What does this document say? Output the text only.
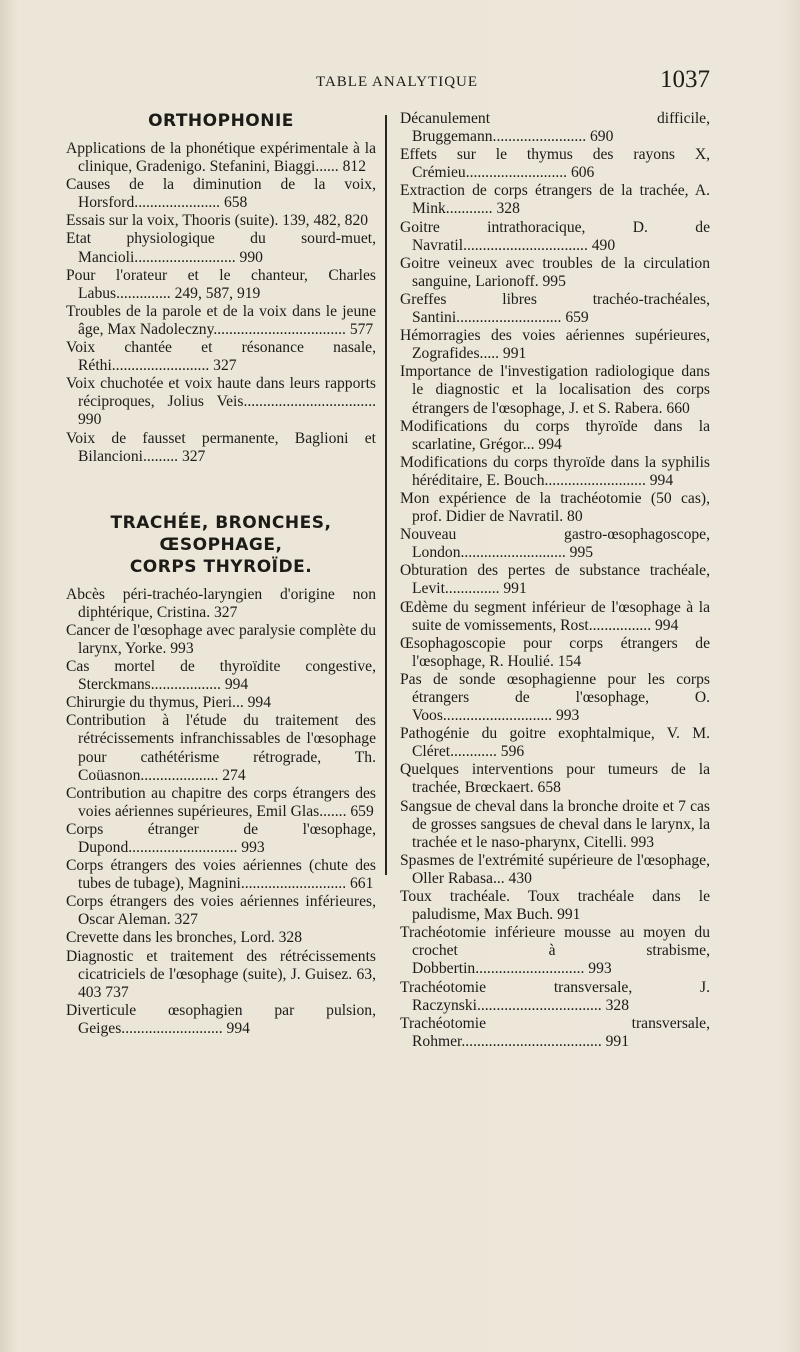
TABLE ANALYTIQUE	1037
ORTHOPHONIE
Applications de la phonétique expérimentale à la clinique, Gradenigo. Stefanini, Biaggi...... 812
Causes de la diminution de la voix, Horsford...................... 658
Essais sur la voix, Thooris (suite). 139, 482, 820
Etat physiologique du sourd-muet, Mancioli.......................... 990
Pour l'orateur et le chanteur, Charles Labus.............. 249, 587, 919
Troubles de la parole et de la voix dans le jeune âge, Max Nadoleczny.................................. 577
Voix chantée et résonance nasale, Réthi......................... 327
Voix chuchotée et voix haute dans leurs rapports réciproques, Jolius Veis.................................. 990
Voix de fausset permanente, Baglioni et Bilancioni......... 327
TRACHÉE, BRONCHES,
ŒSOPHAGE,
CORPS THYROÏDE.
Abcès péri-trachéo-laryngien d'origine non diphtérique, Cristina. 327
Cancer de l'œsophage avec paralysie complète du larynx, Yorke. 993
Cas mortel de thyroïdite congestive, Sterckmans.................. 994
Chirurgie du thymus, Pieri... 994
Contribution à l'étude du traitement des rétrécissements infranchissables de l'œsophage pour cathétérisme rétrograde, Th. Coüasnon.................... 274
Contribution au chapitre des corps étrangers des voies aériennes supérieures, Emil Glas....... 659
Corps étranger de l'œsophage, Dupond............................ 993
Corps étrangers des voies aériennes (chute des tubes de tubage), Magnini........................... 661
Corps étrangers des voies aériennes inférieures, Oscar Aleman. 327
Crevette dans les bronches, Lord. 328
Diagnostic et traitement des rétrécissements cicatriciels de l'œsophage (suite), J. Guisez. 63, 403 737
Diverticule œsophagien par pulsion, Geiges.......................... 994
Décanulement difficile, Bruggemann........................ 690
Effets sur le thymus des rayons X, Crémieu.......................... 606
Extraction de corps étrangers de la trachée, A. Mink............ 328
Goitre intrathoracique, D. de Navratil................................ 490
Goitre veineux avec troubles de la circulation sanguine, Larionoff. 995
Greffes libres trachéo-trachéales, Santini........................... 659
Hémorragies des voies aériennes supérieures, Zografides..... 991
Importance de l'investigation radiologique dans le diagnostic et la localisation des corps étrangers de l'œsophage, J. et S. Rabera. 660
Modifications du corps thyroïde dans la scarlatine, Grégor... 994
Modifications du corps thyroïde dans la syphilis héréditaire, E. Bouch.......................... 994
Mon expérience de la trachéotomie (50 cas), prof. Didier de Navratil. 80
Nouveau gastro-œsophagoscope, London........................... 995
Obturation des pertes de substance trachéale, Levit.............. 991
Œdème du segment inférieur de l'œsophage à la suite de vomissements, Rost................ 994
Œsophagoscopie pour corps étrangers de l'œsophage, R. Houlié. 154
Pas de sonde œsophagienne pour les corps étrangers de l'œsophage, O. Voos............................ 993
Pathogénie du goitre exophtalmique, V. M. Cléret............ 596
Quelques interventions pour tumeurs de la trachée, Brœckaert. 658
Sangsue de cheval dans la bronche droite et 7 cas de grosses sangsues de cheval dans le larynx, la trachée et le naso-pharynx, Citelli. 993
Spasmes de l'extrémité supérieure de l'œsophage, Oller Rabasa... 430
Toux trachéale. Toux trachéale dans le paludisme, Max Buch. 991
Trachéotomie inférieure mousse au moyen du crochet à strabisme, Dobbertin............................ 993
Trachéotomie transversale, J. Raczynski................................ 328
Trachéotomie transversale, Rohmer.................................... 991
